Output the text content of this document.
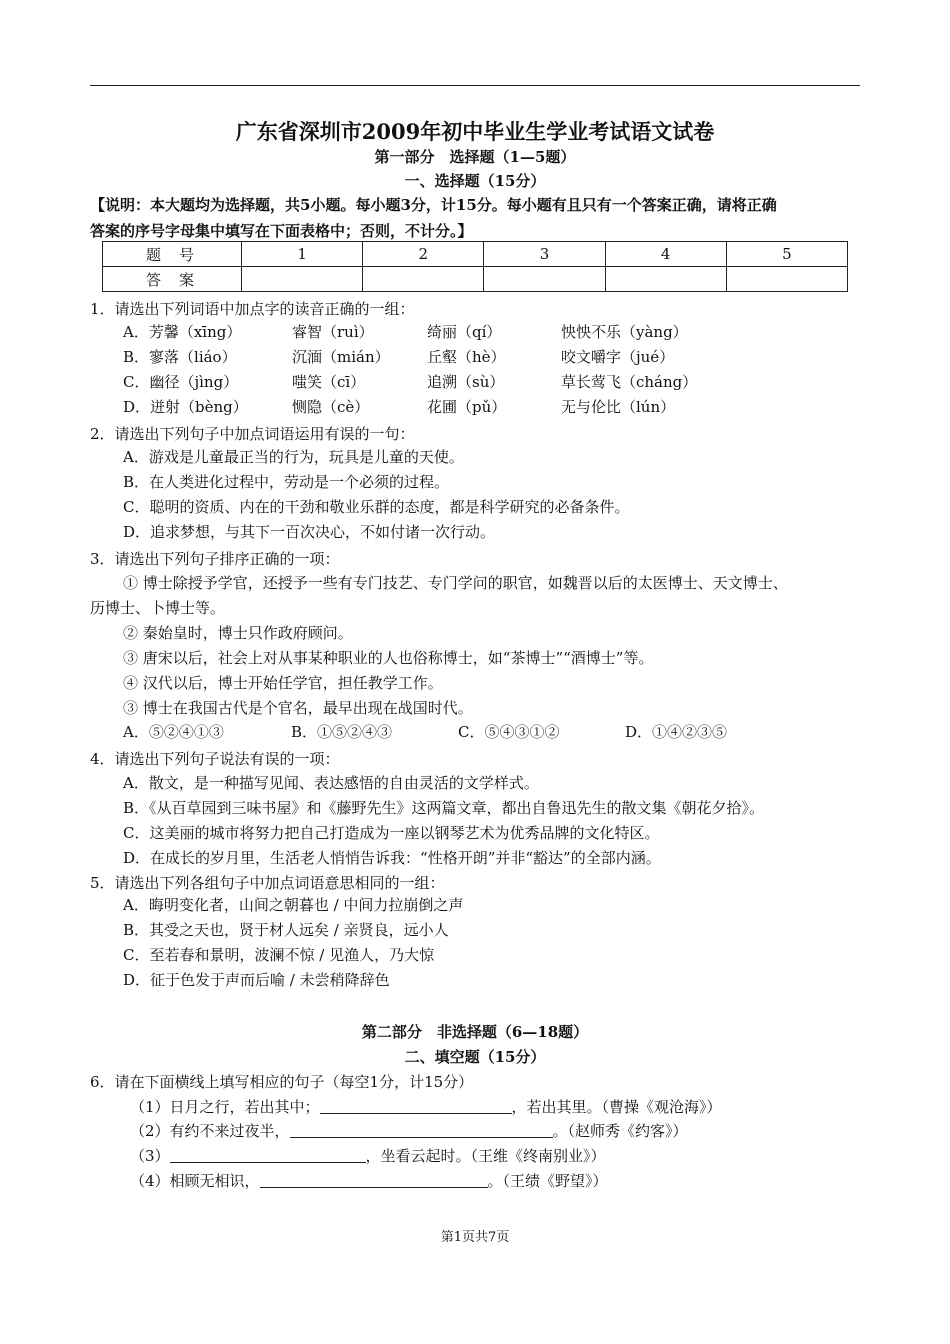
广东省深圳市2009年初中毕业生学业考试语文试卷
第一部分　选择题（1—5题）
一、选择题（15分）
【说明：本大题均为选择题，共5小题。每小题3分，计15分。每小题有且只有一个答案正确，请将正确
答案的序号字母集中填写在下面表格中；否则，不计分。】
题号	1	2	3	4	5
答案					
1．请选出下列词语中加点字的读音正确的一组：
A．芳馨（xīng）	睿智（ruì）	绮丽（qí）	怏怏不乐（yàng）
B．寥落（liáo）	沉湎（mián） 丘壑（hè）	咬文嚼字（jué）
C．幽径（jìng）	嗤笑（cī）	追溯（sù）	草长莺飞（cháng）
D．迸射（bèng）	恻隐（cè）	花圃（pǔ）	无与伦比（lún）
2．请选出下列句子中加点词语运用有误的一句：
A．游戏是儿童最正当的行为，玩具是儿童的天使。
B．在人类进化过程中，劳动是一个必须的过程。
C．聪明的资质、内在的干劲和敬业乐群的态度，都是科学研究的必备条件。
D．追求梦想，与其下一百次决心，不如付诸一次行动。
3．请选出下列句子排序正确的一项：
① 博士除授予学官，还授予一些有专门技艺、专门学问的职官，如魏晋以后的太医博士、天文博士、
历博士、卜博士等。
② 秦始皇时，博士只作政府顾问。
③ 唐宋以后，社会上对从事某种职业的人也俗称博士，如“茶博士”“酒博士”等。
④ 汉代以后，博士开始任学官，担任教学工作。
③ 博士在我国古代是个官名，最早出现在战国时代。
A．⑤②④①③	B．①⑤②④③	C．⑤④③①②	D．①④②③⑤
4．请选出下列句子说法有误的一项：
A．散文，是一种描写见闻、表达感悟的自由灵活的文学样式。
B．《从百草园到三味书屋》和《藤野先生》这两篇文章，都出自鲁迅先生的散文集《朝花夕拾》。
C．这美丽的城市将努力把自己打造成为一座以钢琴艺术为优秀品牌的文化特区。
D．在成长的岁月里，生活老人悄悄告诉我：“性格开朗”并非“豁达”的全部内涵。
5．请选出下列各组句子中加点词语意思相同的一组：
A．晦明变化者，山间之朝暮也 / 中间力拉崩倒之声
B．其受之天也，贤于材人远矣 / 亲贤良，远小人
C．至若春和景明，波澜不惊 / 见渔人，乃大惊
D．征于色发于声而后喻 / 未尝稍降辞色
第二部分　非选择题（6—18题）
二、填空题（15分）
6．请在下面横线上填写相应的句子（每空1分，计15分）
（1）日月之行，若出其中；	，若出其里。（曹操《观沧海》）
（2）有约不来过夜半，	。（赵师秀《约客》）
（3）	，坐看云起时。（王维《终南别业》）
（4）相顾无相识，	。（王绩《野望》）
第1页共7页
